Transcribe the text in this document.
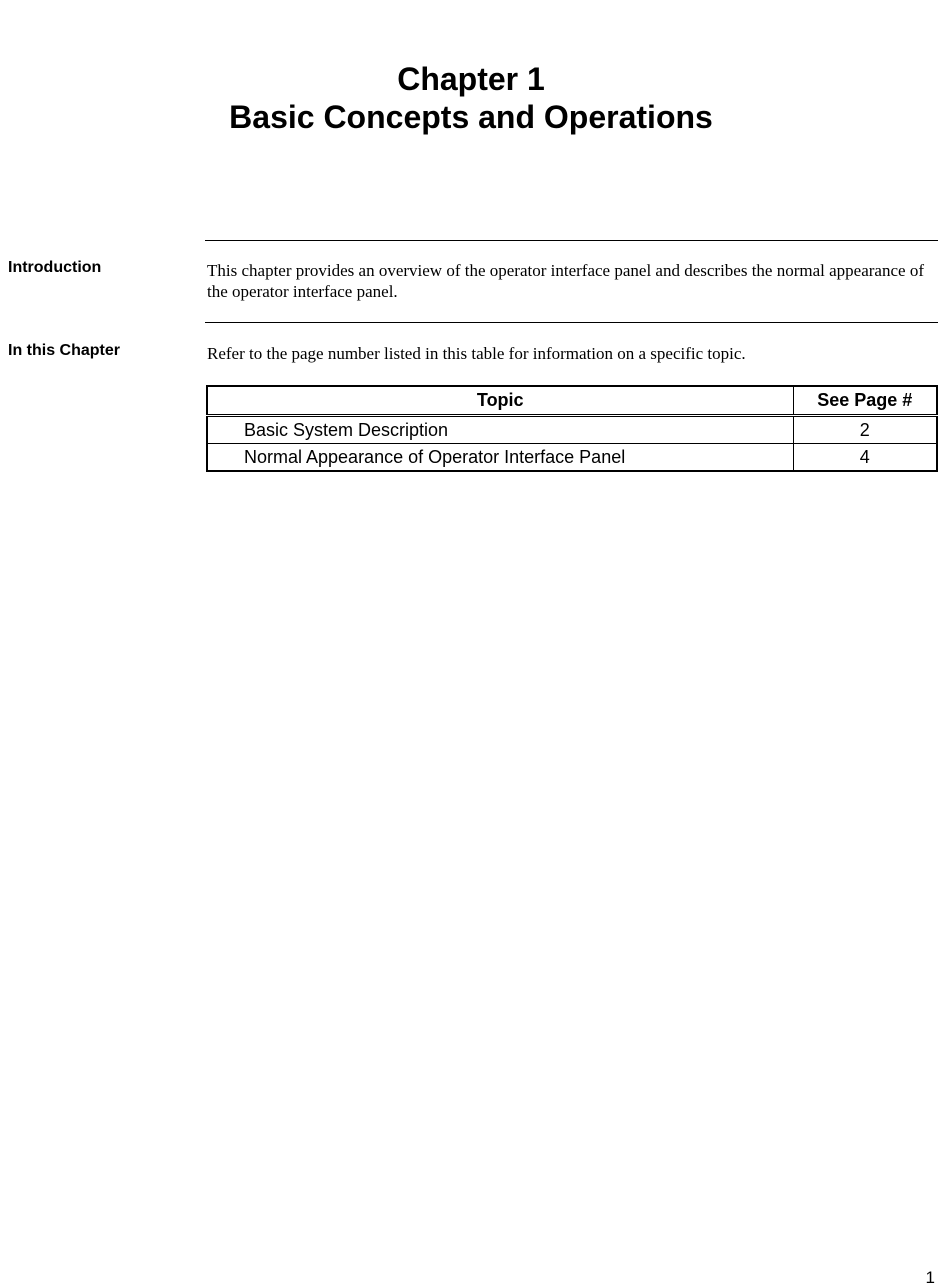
Chapter 1
Basic Concepts and Operations

Introduction	This chapter provides an overview of the operator interface panel and describes the normal appearance of the operator interface panel.

In this Chapter	Refer to the page number listed in this table for information on a specific topic.

Topic	See Page #
Basic System Description	2
Normal Appearance of Operator Interface Panel	4

1
